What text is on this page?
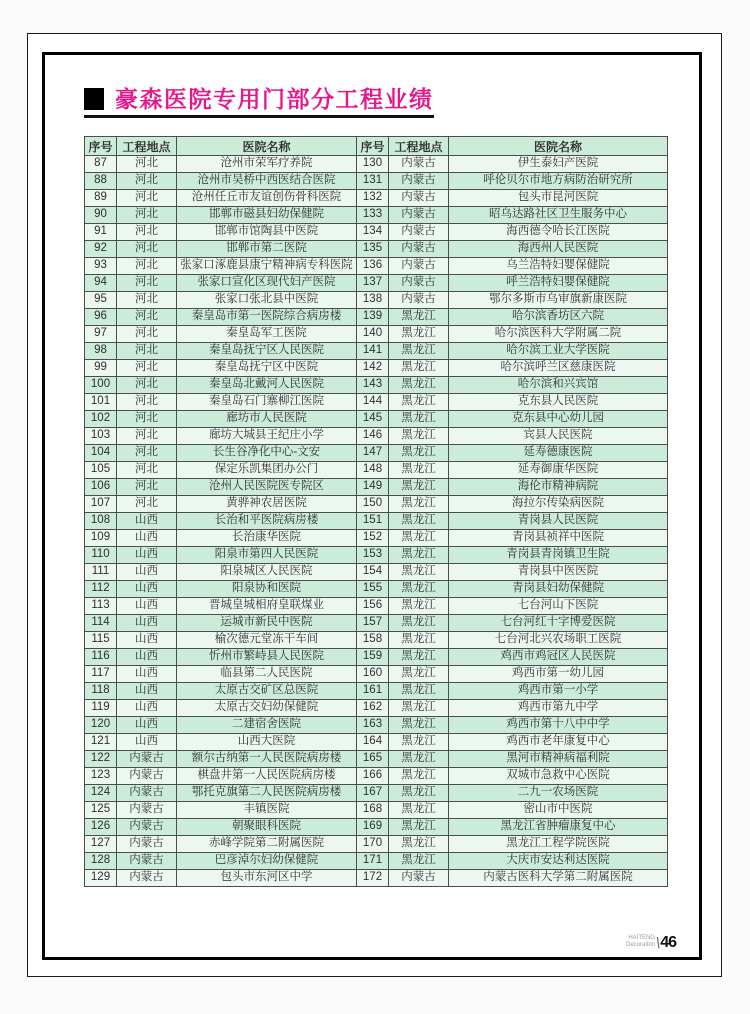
豪森医院专用门部分工程业绩
序号	工程地点	医院名称	序号	工程地点	医院名称
87	河北	沧州市荣军疗养院	130	内蒙古	伊生泰妇产医院
88	河北	沧州市吴桥中西医结合医院	131	内蒙古	呼伦贝尔市地方病防治研究所
89	河北	沧州任丘市友谊创伤骨科医院	132	内蒙古	包头市昆河医院
90	河北	邯郸市磁县妇幼保健院	133	内蒙古	昭乌达路社区卫生服务中心
91	河北	邯郸市馆陶县中医院	134	内蒙古	海西德令哈长江医院
92	河北	邯郸市第二医院	135	内蒙古	海西州人民医院
93	河北	张家口涿鹿县康宁精神病专科医院	136	内蒙古	乌兰浩特妇婴保健院
94	河北	张家口宣化区现代妇产医院	137	内蒙古	呼兰浩特妇婴保健院
95	河北	张家口张北县中医院	138	内蒙古	鄂尔多斯市乌审旗新康医院
96	河北	秦皇岛市第一医院综合病房楼	139	黑龙江	哈尔滨香坊区六院
97	河北	秦皇岛军工医院	140	黑龙江	哈尔滨医科大学附属二院
98	河北	秦皇岛抚宁区人民医院	141	黑龙江	哈尔滨工业大学医院
99	河北	秦皇岛抚宁区中医院	142	黑龙江	哈尔滨呼兰区慈康医院
100	河北	秦皇岛北戴河人民医院	143	黑龙江	哈尔滨和兴宾馆
101	河北	秦皇岛石门寨柳江医院	144	黑龙江	克东县人民医院
102	河北	廊坊市人民医院	145	黑龙江	克东县中心幼儿园
103	河北	廊坊大城县王纪庄小学	146	黑龙江	宾县人民医院
104	河北	长生谷净化中心-文安	147	黑龙江	延寿德康医院
105	河北	保定乐凯集团办公门	148	黑龙江	延寿御康华医院
106	河北	沧州人民医院医专院区	149	黑龙江	海伦市精神病院
107	河北	黄骅神农居医院	150	黑龙江	海拉尔传染病医院
108	山西	长治和平医院病房楼	151	黑龙江	青岗县人民医院
109	山西	长治康华医院	152	黑龙江	青岗县祯祥中医院
110	山西	阳泉市第四人民医院	153	黑龙江	青岗县青岗镇卫生院
111	山西	阳泉城区人民医院	154	黑龙江	青岗县中医医院
112	山西	阳泉协和医院	155	黑龙江	青岗县妇幼保健院
113	山西	晋城皇城相府皇联煤业	156	黑龙江	七台河山下医院
114	山西	运城市新民中医院	157	黑龙江	七台河红十字博爱医院
115	山西	榆次德元堂冻干车间	158	黑龙江	七台河北兴农场职工医院
116	山西	忻州市繁峙县人民医院	159	黑龙江	鸡西市鸡冠区人民医院
117	山西	临县第二人民医院	160	黑龙江	鸡西市第一幼儿园
118	山西	太原古交矿区总医院	161	黑龙江	鸡西市第一小学
119	山西	太原古交妇幼保健院	162	黑龙江	鸡西市第九中学
120	山西	二建宿舍医院	163	黑龙江	鸡西市第十八中中学
121	山西	山西大医院	164	黑龙江	鸡西市老年康复中心
122	内蒙古	额尔古纳第一人民医院病房楼	165	黑龙江	黑河市精神病福利院
123	内蒙古	棋盘井第一人民医院病房楼	166	黑龙江	双城市急救中心医院
124	内蒙古	鄂托克旗第二人民医院病房楼	167	黑龙江	二九一农场医院
125	内蒙古	丰镇医院	168	黑龙江	密山市中医院
126	内蒙古	朝聚眼科医院	169	黑龙江	黑龙江省肿瘤康复中心
127	内蒙古	赤峰学院第二附属医院	170	黑龙江	黑龙江工程学院医院
128	内蒙古	巴彦淖尔妇幼保健院	171	黑龙江	大庆市安达利达医院
129	内蒙古	包头市东河区中学	172	内蒙古	内蒙古医科大学第二附属医院
HAITENG
Decoration \
46
